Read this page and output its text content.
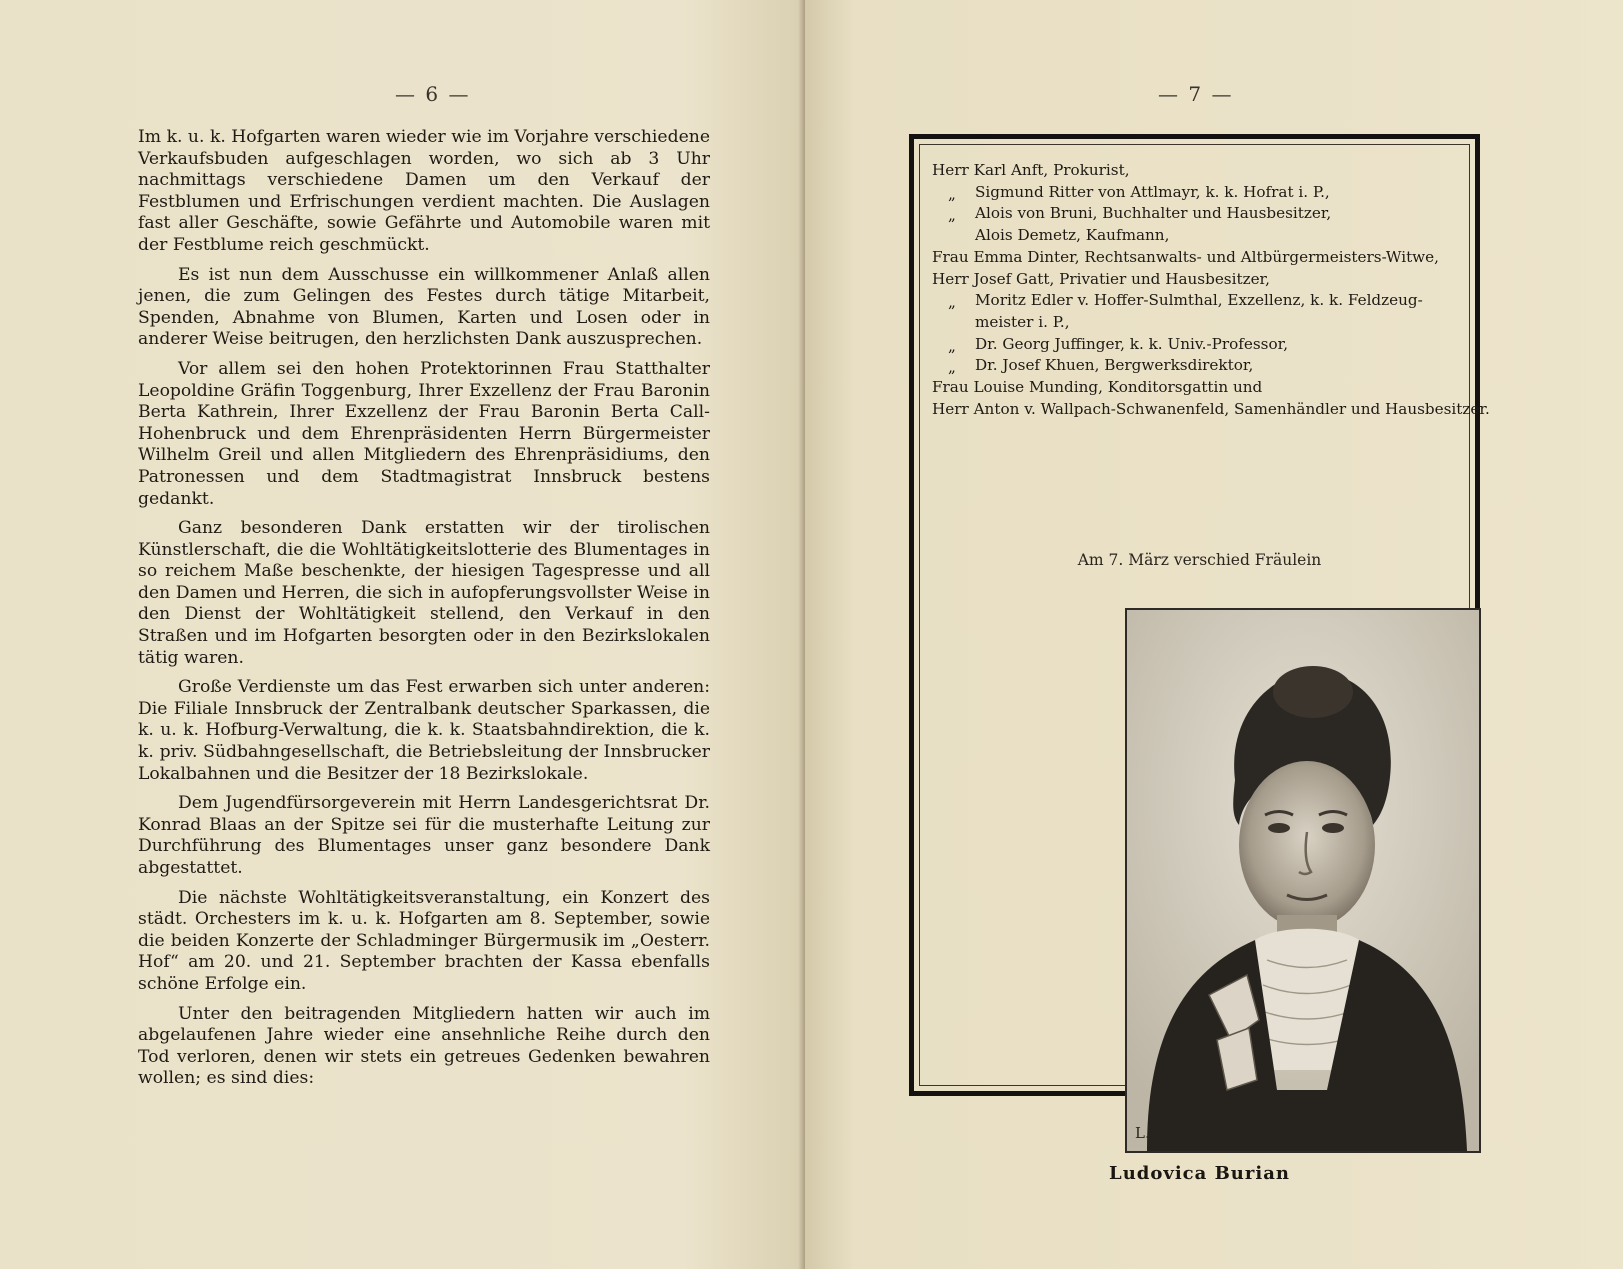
— 6 —

Im k. u. k. Hofgarten waren wieder wie im Vorjahre verschiedene Verkaufsbuden aufgeschlagen worden, wo sich ab 3 Uhr nachmittags verschiedene Damen um den Verkauf der Festblumen und Erfrischungen verdient machten. Die Auslagen fast aller Geschäfte, sowie Gefährte und Automobile waren mit der Festblume reich geschmückt.

Es ist nun dem Ausschusse ein willkommener Anlaß allen jenen, die zum Gelingen des Festes durch tätige Mitarbeit, Spenden, Abnahme von Blumen, Karten und Losen oder in anderer Weise beitrugen, den herzlichsten Dank auszusprechen.

Vor allem sei den hohen Protektorinnen Frau Statthalter Leopoldine Gräfin Toggenburg, Ihrer Exzellenz der Frau Baronin Berta Kathrein, Ihrer Exzellenz der Frau Baronin Berta Call-Hohenbruck und dem Ehrenpräsidenten Herrn Bürgermeister Wilhelm Greil und allen Mitgliedern des Ehrenpräsidiums, den Patronessen und dem Stadtmagistrat Innsbruck bestens gedankt.

Ganz besonderen Dank erstatten wir der tirolischen Künstlerschaft, die die Wohltätigkeitslotterie des Blumentages in so reichem Maße beschenkte, der hiesigen Tagespresse und all den Damen und Herren, die sich in aufopferungsvollster Weise in den Dienst der Wohltätigkeit stellend, den Verkauf in den Straßen und im Hofgarten besorgten oder in den Bezirkslokalen tätig waren.

Große Verdienste um das Fest erwarben sich unter anderen: Die Filiale Innsbruck der Zentralbank deutscher Sparkassen, die k. u. k. Hofburg-Verwaltung, die k. k. Staatsbahndirektion, die k. k. priv. Südbahngesellschaft, die Betriebsleitung der Innsbrucker Lokalbahnen und die Besitzer der 18 Bezirkslokale.

Dem Jugendfürsorgeverein mit Herrn Landesgerichtsrat Dr. Konrad Blaas an der Spitze sei für die musterhafte Leitung zur Durchführung des Blumentages unser ganz besondere Dank abgestattet.

Die nächste Wohltätigkeitsveranstaltung, ein Konzert des städt. Orchesters im k. u. k. Hofgarten am 8. September, sowie die beiden Konzerte der Schladminger Bürgermusik im „Oesterr. Hof“ am 20. und 21. September brachten der Kassa ebenfalls schöne Erfolge ein.

Unter den beitragenden Mitgliedern hatten wir auch im abgelaufenen Jahre wieder eine ansehnliche Reihe durch den Tod verloren, denen wir stets ein getreues Gedenken bewahren wollen; es sind dies:

— 7 —
Am 7. März verschied Fräulein
L.
Ludovica Burian
Herr Karl Anft, Prokurist,
„ Sigmund Ritter von Attlmayr, k. k. Hofrat i. P.,
„ Alois von Bruni, Buchhalter und Hausbesitzer,
Alois Demetz, Kaufmann,
Frau Emma Dinter, Rechtsanwalts- und Altbürgermeisters-Witwe,
Herr Josef Gatt, Privatier und Hausbesitzer,
„ Moritz Edler v. Hoffer-Sulmthal, Exzellenz, k. k. Feldzeug-
meister i. P.,
„ Dr. Georg Juffinger, k. k. Univ.-Professor,
„ Dr. Josef Khuen, Bergwerksdirektor,
Frau Louise Munding, Konditorsgattin und
Herr Anton v. Wallpach-Schwanenfeld, Samenhändler und Hausbesitzer.
